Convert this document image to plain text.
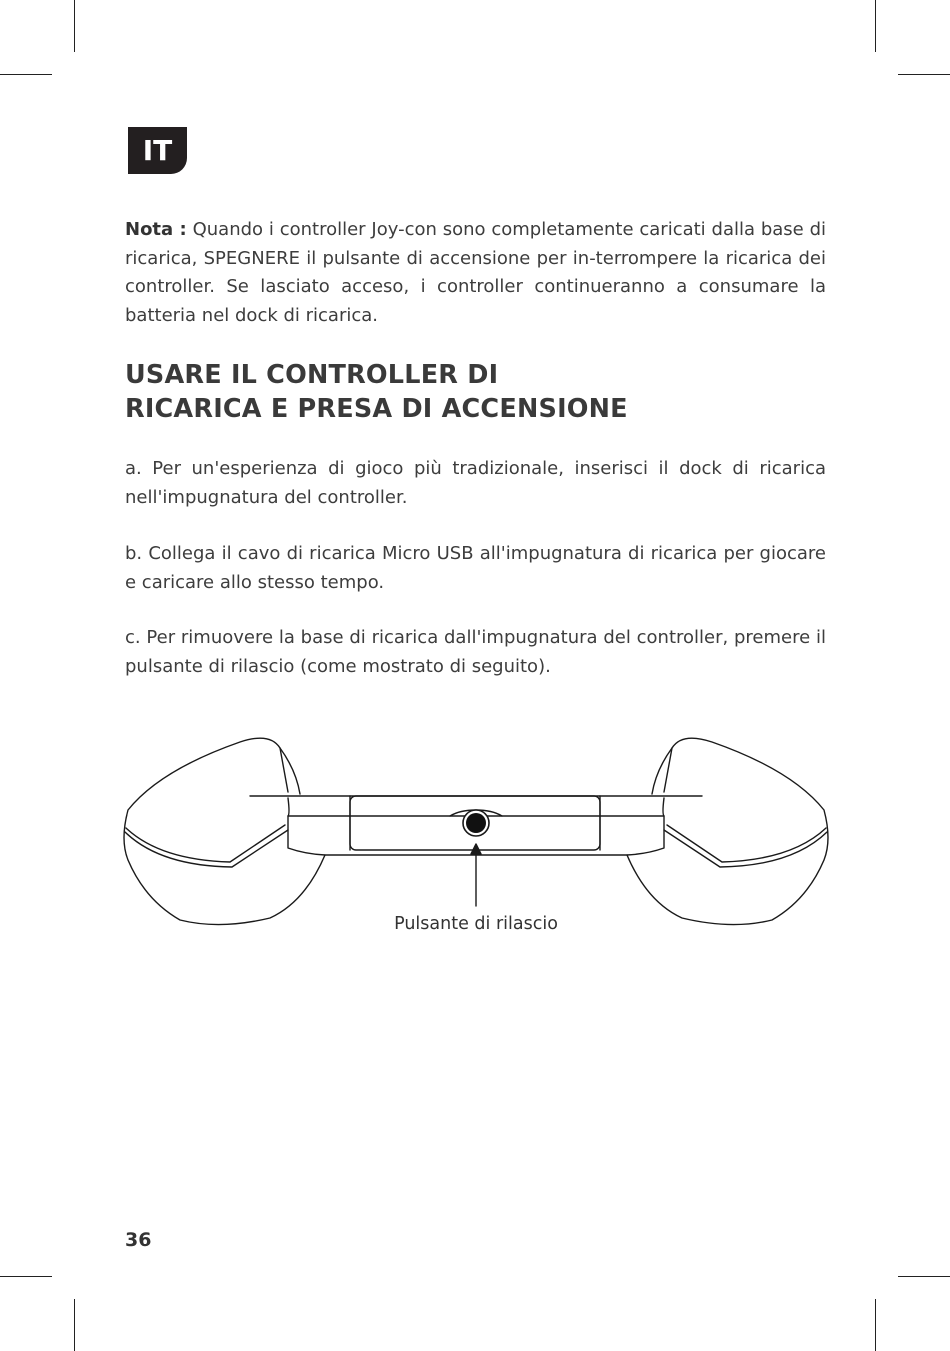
IT

Nota : Quando i controller Joy-con sono completamente caricati dalla base di ricarica, SPEGNERE il pulsante di accensione per in-terrompere la ricarica dei controller. Se lasciato acceso, i controller continueranno a consumare la batteria nel dock di ricarica.

USARE IL CONTROLLER DI
RICARICA E PRESA DI ACCENSIONE

a. Per un'esperienza di gioco più tradizionale, inserisci il dock di ricarica nell'impugnatura del controller.

b. Collega il cavo di ricarica Micro USB all'impugnatura di ricarica per giocare e caricare allo stesso tempo.

c. Per rimuovere la base di ricarica dall'impugnatura del controller, premere il pulsante di rilascio (come mostrato di seguito).

Pulsante di rilascio
36
